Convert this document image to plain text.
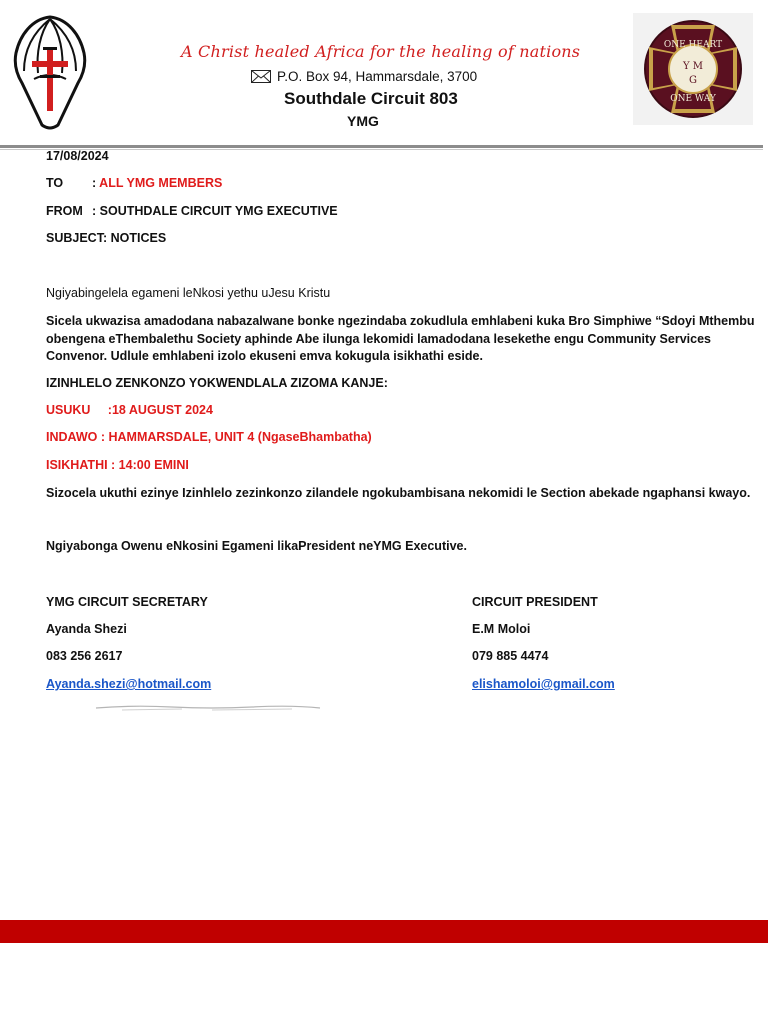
ONE HEART
Y M
G
ONE WAY
A Christ healed Africa for the healing of nations
P.O. Box 94, Hammarsdale, 3700
Southdale Circuit 803
YMG
17/08/2024
TO : ALL YMG MEMBERS
FROM : SOUTHDALE CIRCUIT YMG EXECUTIVE
SUBJECT: NOTICES
Ngiyabingelela egameni leNkosi yethu uJesu Kristu
Sicela ukwazisa amadodana nabazalwane bonke ngezindaba zokudlula emhlabeni kuka Bro Simphiwe “Sdoyi Mthembu obengena eThembalethu Society aphinde Abe ilunga lekomidi lamadodana lesekethe engu Community Services Convenor. Udlule emhlabeni izolo ekuseni emva kokugula isikhathi eside.
IZINHLELO ZENKONZO YOKWENDLALA ZIZOMA KANJE:
USUKU     :18 AUGUST 2024
INDAWO : HAMMARSDALE, UNIT 4 (NgaseBhambatha)
ISIKHATHI : 14:00 EMINI
Sizocela ukuthi ezinye Izinhlelo zezinkonzo zilandele ngokubambisana nekomidi le Section abekade ngaphansi kwayo.
Ngiyabonga Owenu eNkosini Egameni likaPresident neYMG Executive.
YMG CIRCUIT SECRETARY
Ayanda Shezi
083 256 2617
Ayanda.shezi@hotmail.com
CIRCUIT PRESIDENT
E.M Moloi
079 885 4474
elishamoloi@gmail.com
